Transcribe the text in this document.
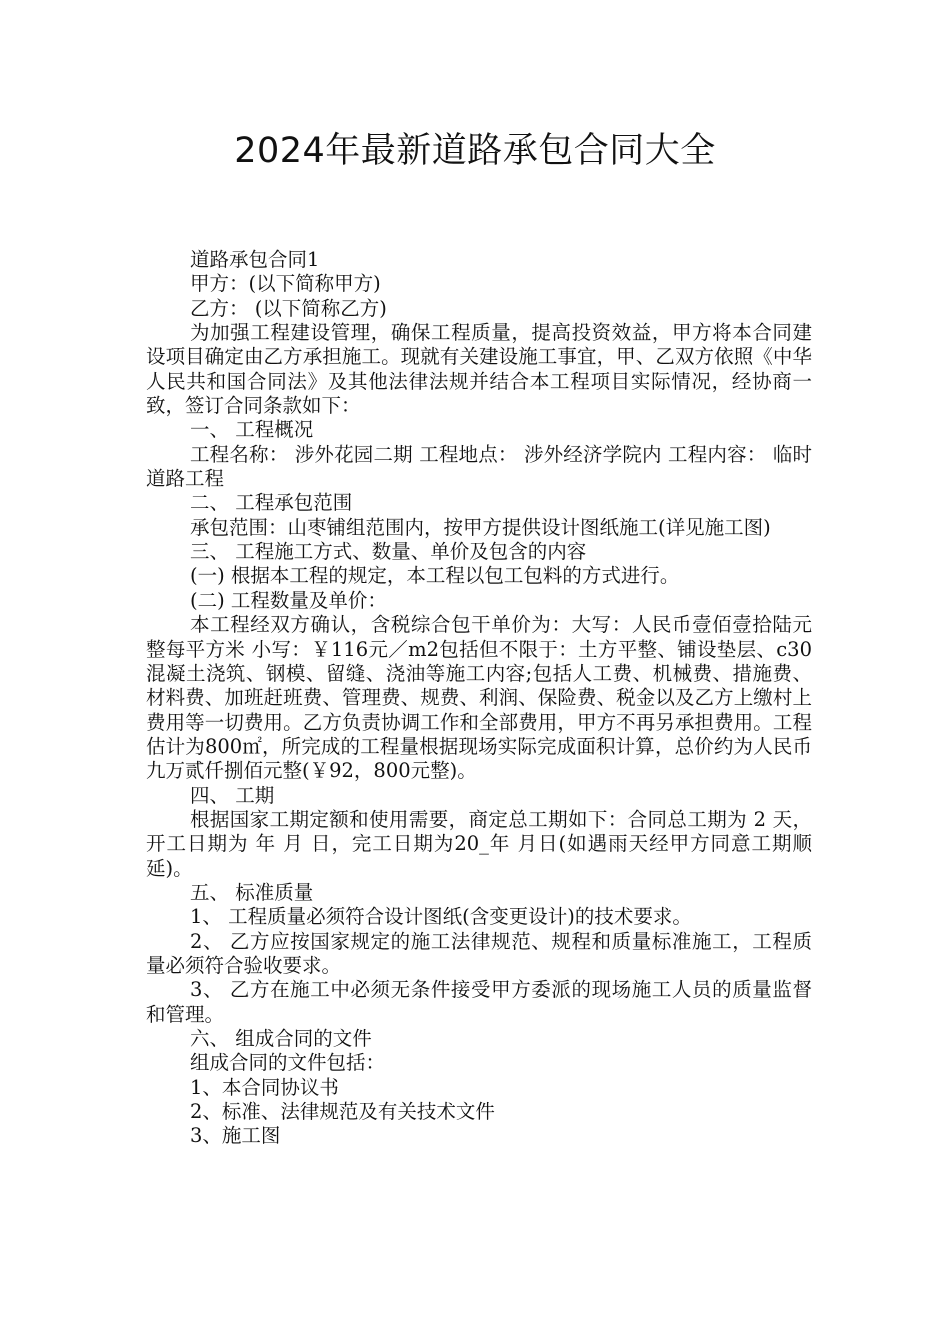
2024年最新道路承包合同大全

道路承包合同1

甲方：(以下简称甲方)

乙方： (以下简称乙方)

为加强工程建设管理，确保工程质量，提高投资效益，甲方将本合同建设项目确定由乙方承担施工。现就有关建设施工事宜，甲、乙双方依照《中华人民共和国合同法》及其他法律法规并结合本工程项目实际情况，经协商一致，签订合同条款如下：

一、 工程概况

工程名称： 涉外花园二期 工程地点： 涉外经济学院内 工程内容： 临时道路工程

二、 工程承包范围

承包范围：山枣铺组范围内，按甲方提供设计图纸施工(详见施工图)

三、 工程施工方式、数量、单价及包含的内容

(一) 根据本工程的规定，本工程以包工包料的方式进行。

(二) 工程数量及单价：

本工程经双方确认，含税综合包干单价为：大写：人民币壹佰壹拾陆元整每平方米 小写：￥116元／m2包括但不限于：土方平整、铺设垫层、c30混凝土浇筑、钢模、留缝、浇油等施工内容;包括人工费、机械费、措施费、材料费、加班赶班费、管理费、规费、利润、保险费、税金以及乙方上缴村上费用等一切费用。乙方负责协调工作和全部费用，甲方不再另承担费用。工程估计为800㎡，所完成的工程量根据现场实际完成面积计算，总价约为人民币九万贰仟捌佰元整(￥92，800元整)。

四、 工期

根据国家工期定额和使用需要，商定总工期如下：合同总工期为 2 天，开工日期为 年 月 日，完工日期为20_年 月日(如遇雨天经甲方同意工期顺延)。

五、 标准质量

1、 工程质量必须符合设计图纸(含变更设计)的技术要求。

2、 乙方应按国家规定的施工法律规范、规程和质量标准施工，工程质量必须符合验收要求。

3、 乙方在施工中必须无条件接受甲方委派的现场施工人员的质量监督和管理。

六、 组成合同的文件

组成合同的文件包括：

1、本合同协议书

2、标准、法律规范及有关技术文件

3、施工图
